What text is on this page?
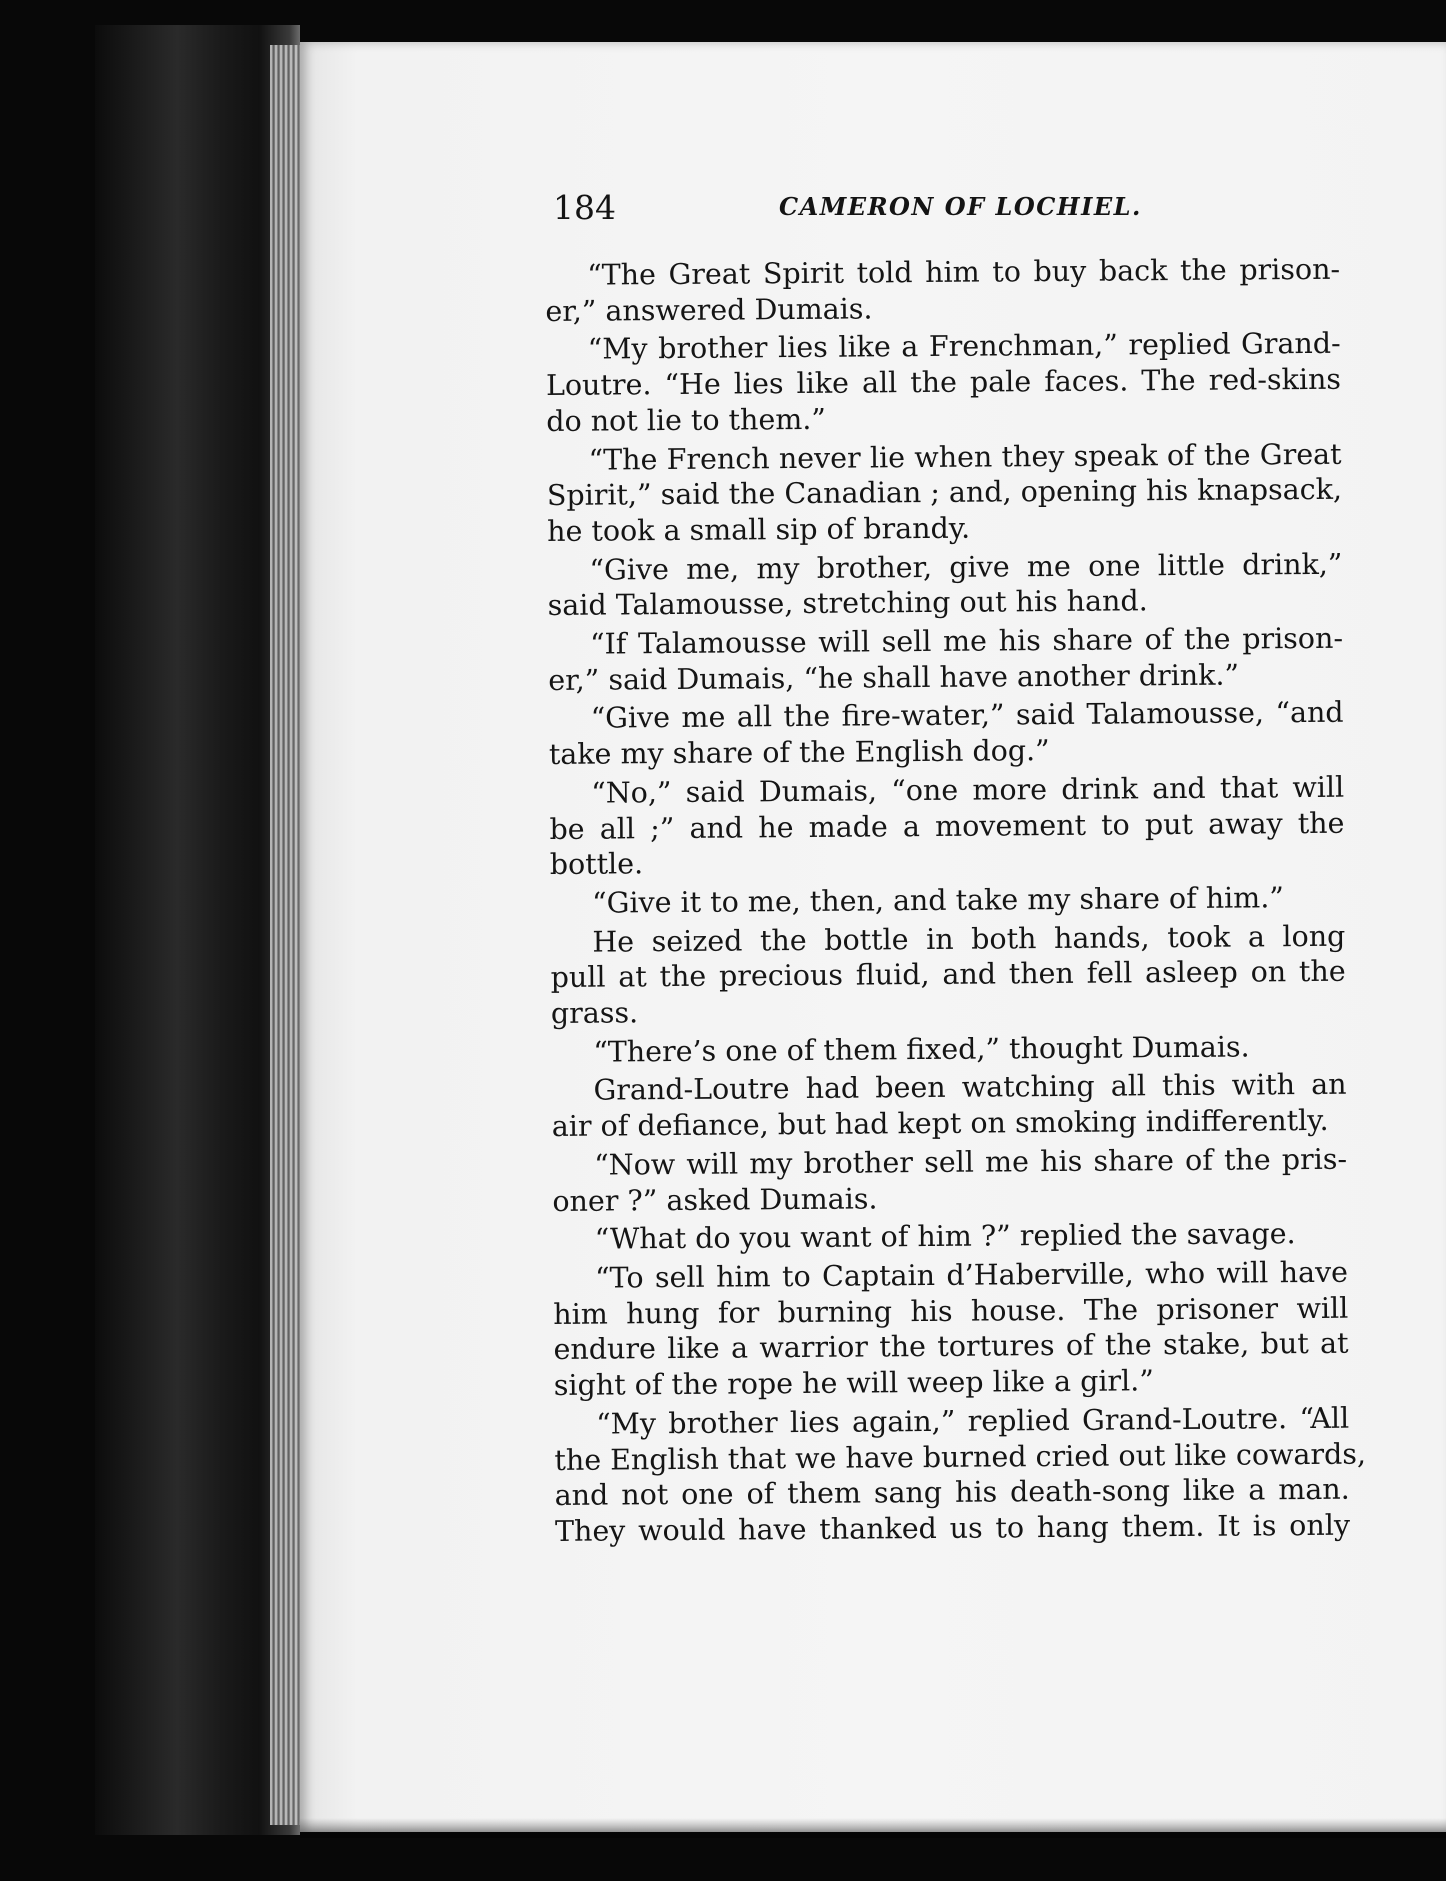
184	CAMERON OF LOCHIEL.
“The Great Spirit told him to buy back the prison-
er,” answered Dumais.
“My brother lies like a Frenchman,” replied Grand-
Loutre. “He lies like all the pale faces. The red-skins
do not lie to them.”
“The French never lie when they speak of the Great
Spirit,” said the Canadian ; and, opening his knapsack,
he took a small sip of brandy.
“Give me, my brother, give me one little drink,”
said Talamousse, stretching out his hand.
“If Talamousse will sell me his share of the prison-
er,” said Dumais, “he shall have another drink.”
“Give me all the fire-water,” said Talamousse, “and
take my share of the English dog.”
“No,” said Dumais, “one more drink and that will
be all ;” and he made a movement to put away the
bottle.
“Give it to me, then, and take my share of him.”
He seized the bottle in both hands, took a long
pull at the precious fluid, and then fell asleep on the
grass.
“There’s one of them fixed,” thought Dumais.
Grand-Loutre had been watching all this with an
air of defiance, but had kept on smoking indifferently.
“Now will my brother sell me his share of the pris-
oner ?” asked Dumais.
“What do you want of him ?” replied the savage.
“To sell him to Captain d’Haberville, who will have
him hung for burning his house. The prisoner will
endure like a warrior the tortures of the stake, but at
sight of the rope he will weep like a girl.”
“My brother lies again,” replied Grand-Loutre. “All
the English that we have burned cried out like cowards,
and not one of them sang his death-song like a man.
They would have thanked us to hang them. It is only
